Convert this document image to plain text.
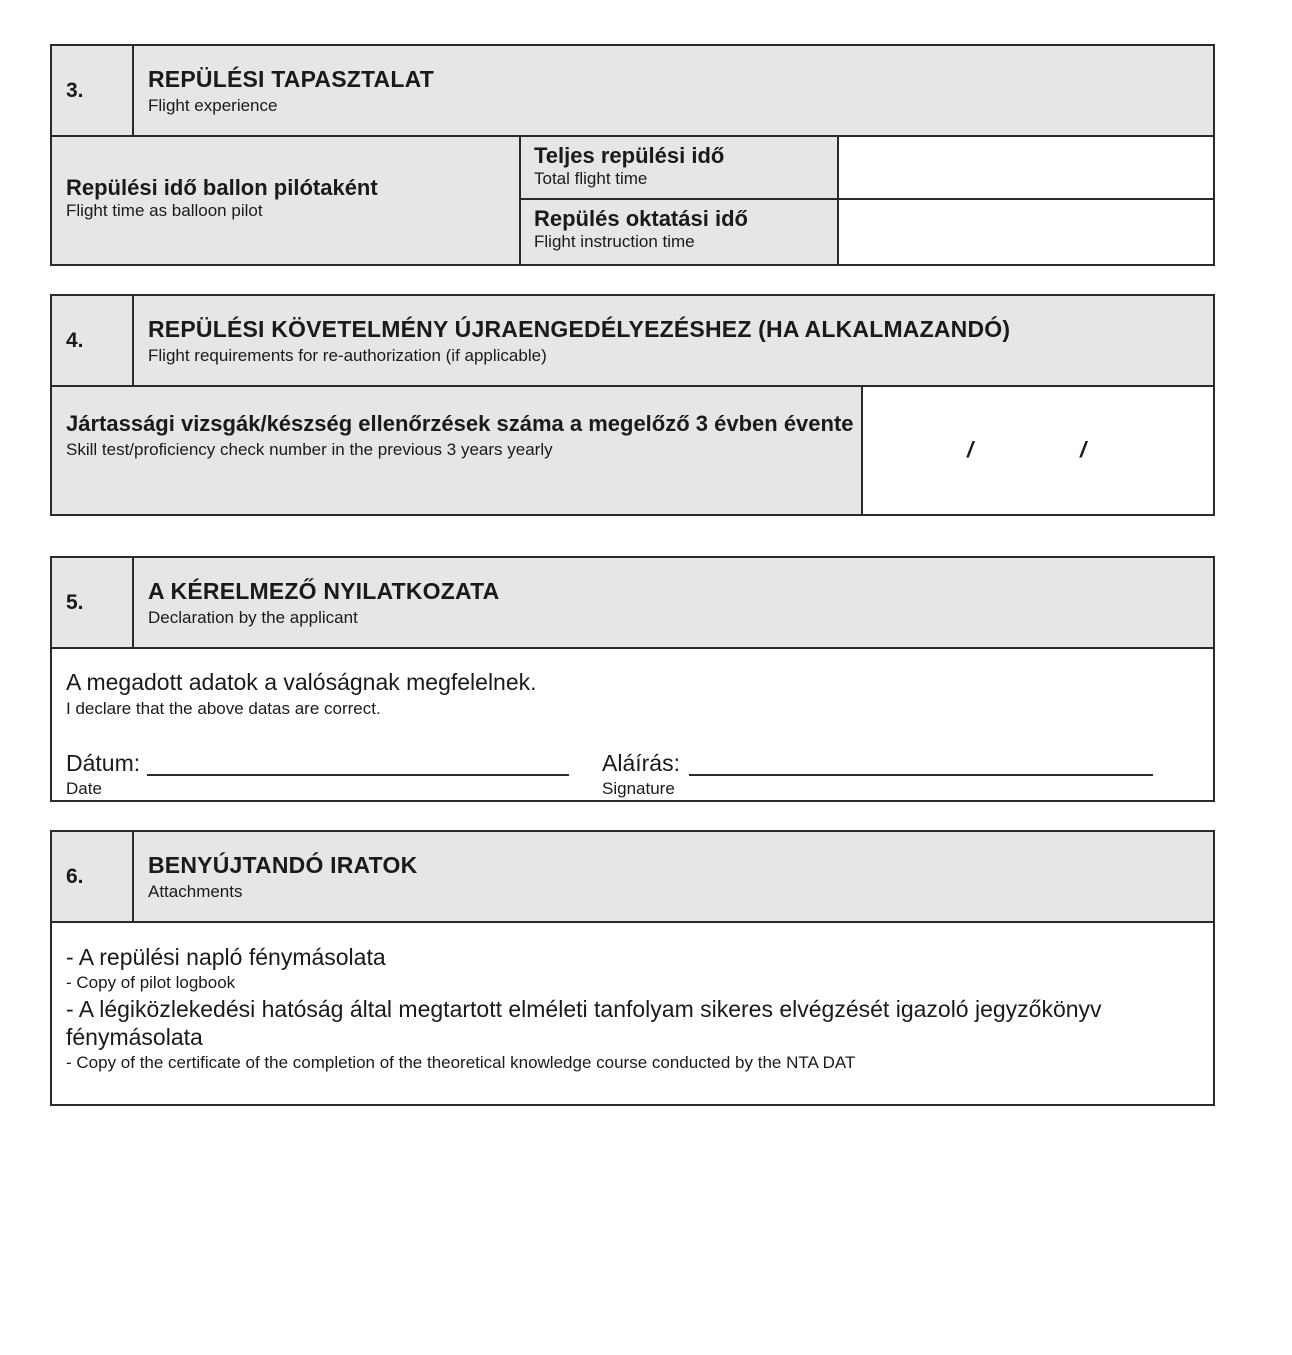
3.	REPÜLÉSI TAPASZTALAT
Flight experience
Repülési idő ballon pilótaként
Flight time as balloon pilot
Teljes repülési idő
Total flight time
Repülés oktatási idő
Flight instruction time
4.	REPÜLÉSI KÖVETELMÉNY ÚJRAENGEDÉLYEZÉSHEZ (HA ALKALMAZANDÓ)
Flight requirements for re-authorization (if applicable)
Jártassági vizsgák/készség ellenőrzések száma a megelőző 3 évben évente
Skill test/proficiency check number in the previous 3 years yearly	/	/
5.	A KÉRELMEZŐ NYILATKOZATA
Declaration by the applicant
A megadott adatok a valóságnak megfelelnek.
I declare that the above datas are correct.
Dátum:
Date
Aláírás:
Signature
6.	BENYÚJTANDÓ IRATOK
Attachments
- A repülési napló fénymásolata
- Copy of pilot logbook
- A légiközlekedési hatóság által megtartott elméleti tanfolyam sikeres elvégzését igazoló jegyzőkönyv fénymásolata
- Copy of the certificate of the completion of the theoretical knowledge course conducted by the NTA DAT
